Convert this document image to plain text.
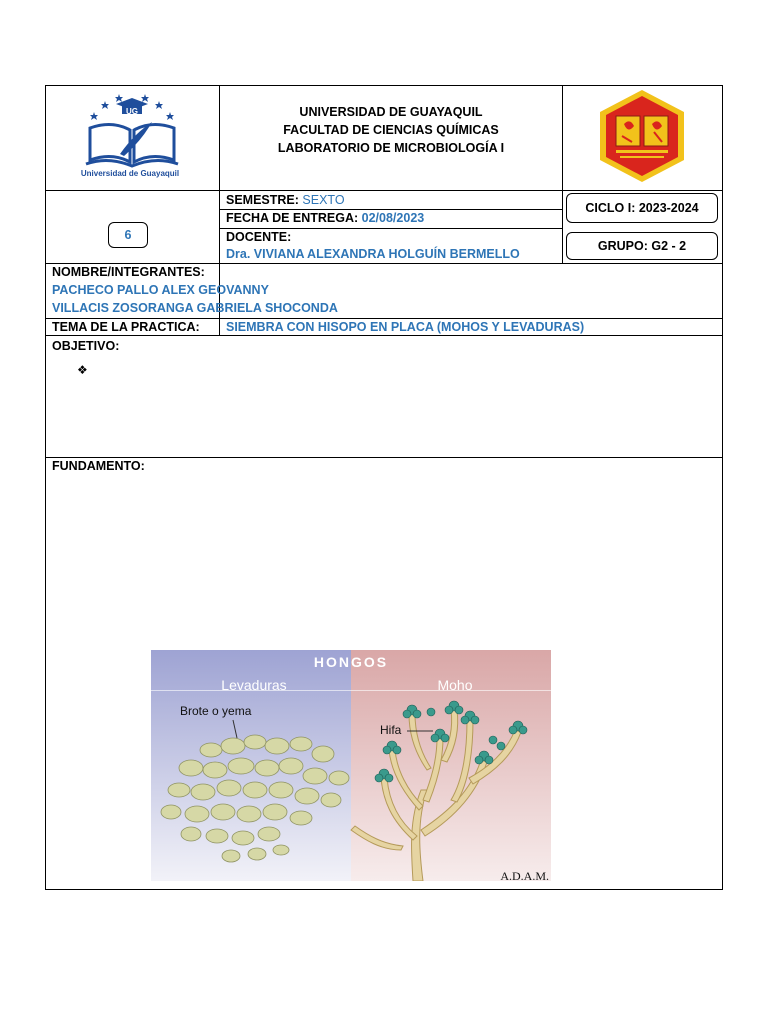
UG
Universidad de Guayaquil
UNIVERSIDAD DE GUAYAQUIL
FACULTAD DE CIENCIAS QUÍMICAS
LABORATORIO DE MICROBIOLOGÍA I
6
SEMESTRE: SEXTO
FECHA DE ENTREGA: 02/08/2023
DOCENTE:
Dra. VIVIANA ALEXANDRA HOLGUÍN BERMELLO
CICLO I: 2023-2024
GRUPO: G2 - 2
NOMBRE/INTEGRANTES:
PACHECO PALLO ALEX GEOVANNY
VILLACIS ZOSORANGA GABRIELA SHOCONDA
TEMA DE LA PRACTICA: SIEMBRA CON HISOPO EN PLACA (MOHOS Y LEVADURAS)
OBJETIVO:
❖
FUNDAMENTO:
HONGOS
Levaduras	Moho
Brote o yema
Hifa
A.D.A.M.
